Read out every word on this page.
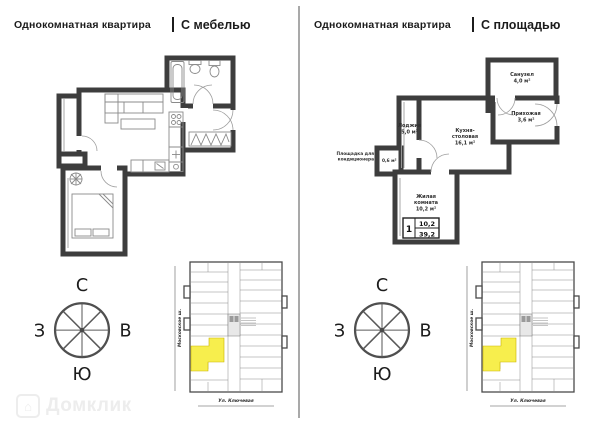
Однокомнатная квартира С мебелью	Однокомнатная квартира С площадью
Санузел
4,0 м²
Прихожая
3,6 м²
Лоджия
5,0 м²	Кухня-
столовая
16,1 м²
Площадка для
кондиционера 0,6 м²
Жилая
комната
10,2 м²
1
10,2
39,2
С
Ю
З	В
С
Ю
З	В
Московское ш.
Ул. Ключевая
Московское ш.
Ул. Ключевая
⌂ Домклик
